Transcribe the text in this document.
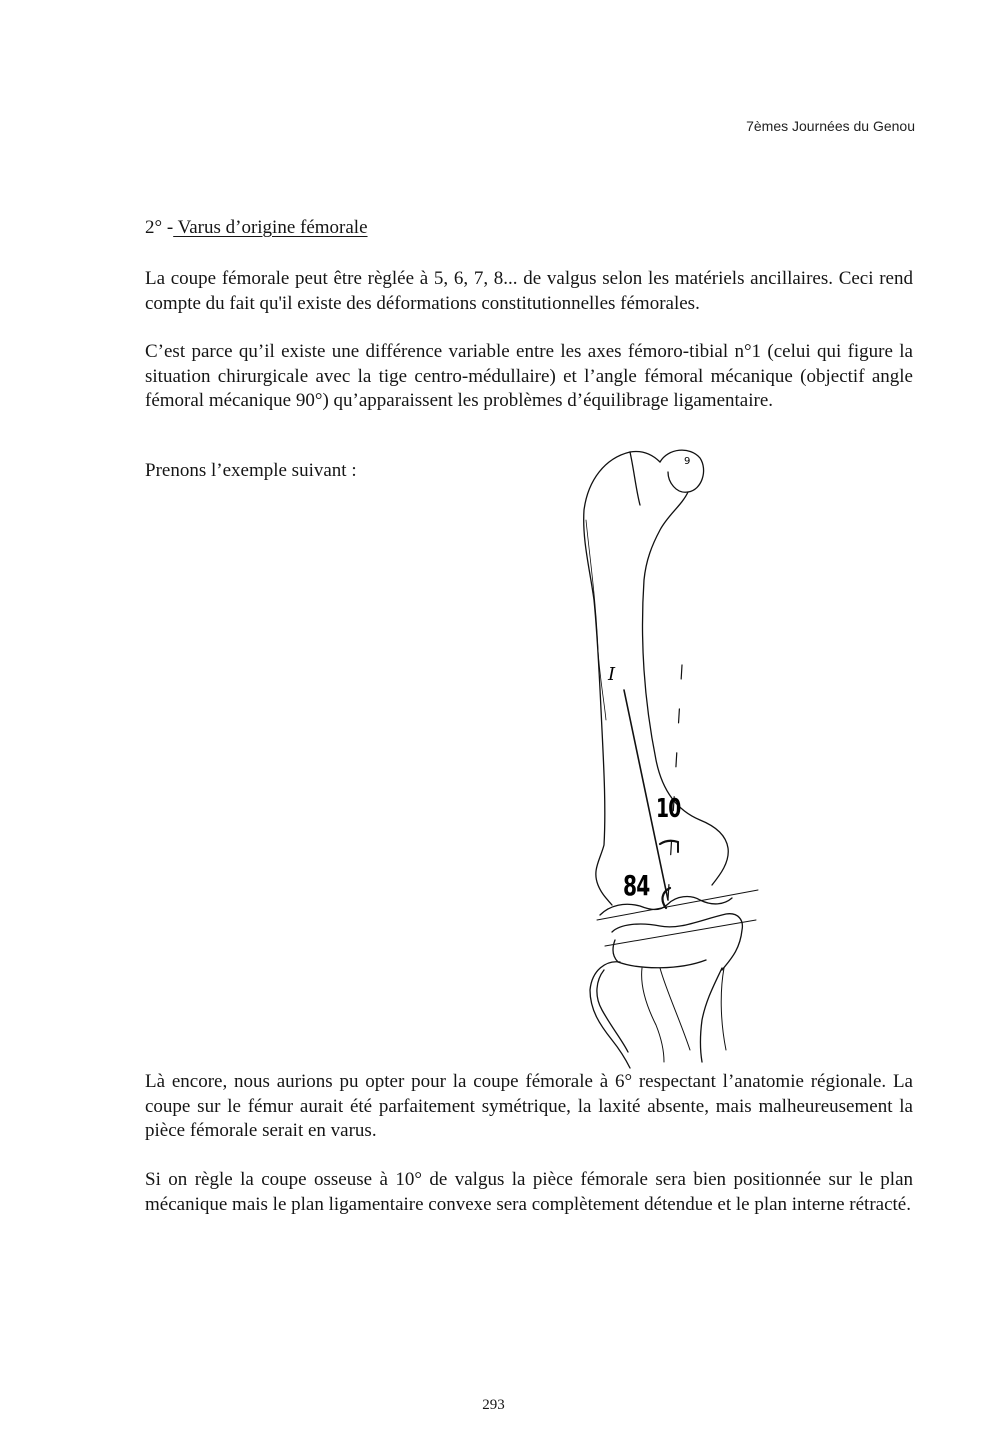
7èmes Journées du Genou
2° - Varus d’origine fémorale

La coupe fémorale peut être règlée à 5, 6, 7, 8... de valgus selon les matériels ancillaires. Ceci rend compte du fait qu'il existe des déformations constitutionnelles fémorales.

C’est parce qu’il existe une différence variable entre les axes fémoro-tibial n°1 (celui qui figure la situation chirurgicale avec la tige centro-médullaire) et l’angle fémoral mécanique (objectif angle fémoral mécanique 90°) qu’apparaissent les problèmes d’équilibrage ligamentaire.

Prenons l’exemple suivant :	9
I
10
84

Là encore, nous aurions pu opter pour la coupe fémorale à 6° respectant l’anatomie régionale. La coupe sur le fémur aurait été parfaitement symétrique, la laxité absente, mais malheureusement la pièce fémorale serait en varus.

Si on règle la coupe osseuse à 10° de valgus la pièce fémorale sera bien positionnée sur le plan mécanique mais le plan ligamentaire convexe sera complètement détendue et le plan interne rétracté.

293
